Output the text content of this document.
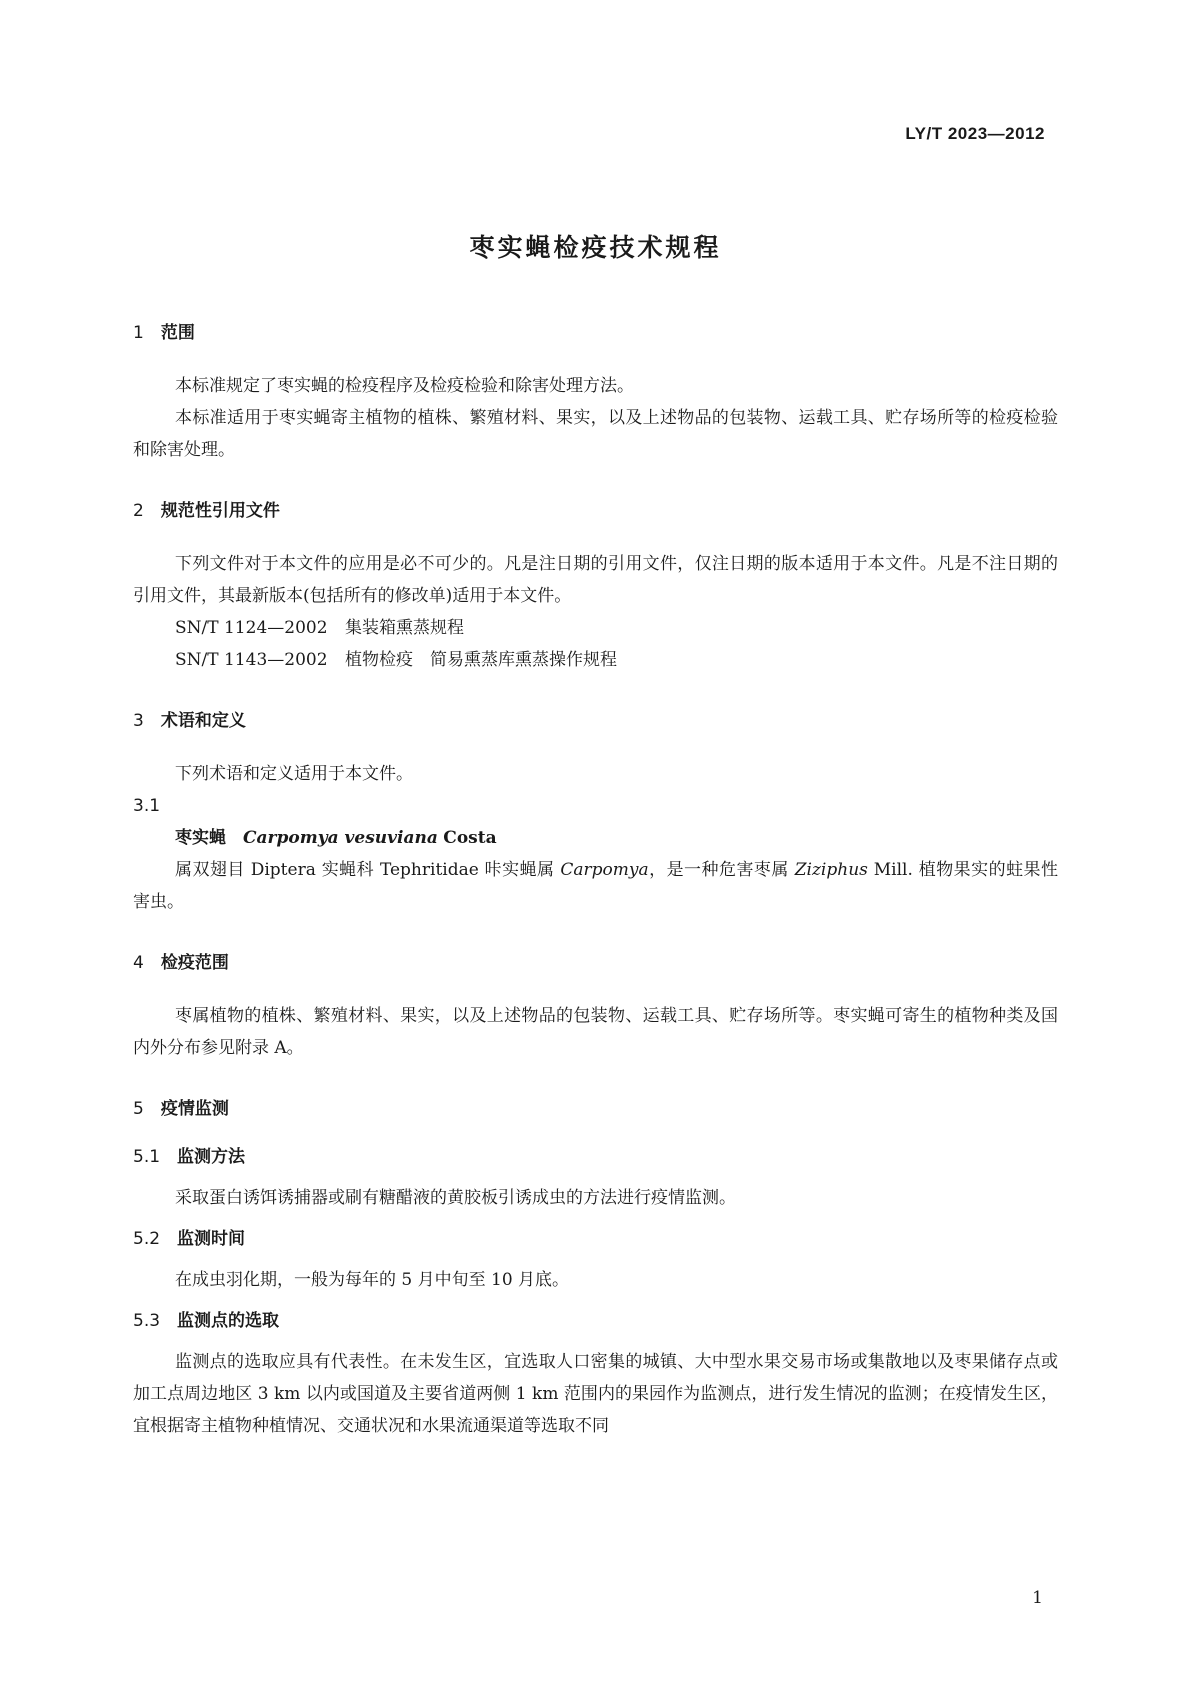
LY/T 2023—2012
枣实蝇检疫技术规程
1　 范围

本标准规定了枣实蝇的检疫程序及检疫检验和除害处理方法。

本标准适用于枣实蝇寄主植物的植株、繁殖材料、果实，以及上述物品的包装物、运载工具、贮存场所等的检疫检验和除害处理。

2　 规范性引用文件

下列文件对于本文件的应用是必不可少的。凡是注日期的引用文件，仅注日期的版本适用于本文件。凡是不注日期的引用文件，其最新版本(包括所有的修改单)适用于本文件。

SN/T 1124—2002 集装箱熏蒸规程
SN/T 1143—2002 植物检疫　简易熏蒸库熏蒸操作规程
3　 术语和定义

下列术语和定义适用于本文件。

3.1
枣实蝇　 Carpomya vesuviana Costa

属双翅目 Diptera 实蝇科 Tephritidae 咔实蝇属 Carpomya，是一种危害枣属 Ziziphus Mill. 植物果实的蛀果性害虫。

4　 检疫范围

枣属植物的植株、繁殖材料、果实，以及上述物品的包装物、运载工具、贮存场所等。枣实蝇可寄生的植物种类及国内外分布参见附录 A。

5　 疫情监测
5.1　 监测方法

采取蛋白诱饵诱捕器或刷有糖醋液的黄胶板引诱成虫的方法进行疫情监测。

5.2　 监测时间

在成虫羽化期，一般为每年的 5 月中旬至 10 月底。

5.3　 监测点的选取

监测点的选取应具有代表性。在未发生区，宜选取人口密集的城镇、大中型水果交易市场或集散地以及枣果储存点或加工点周边地区 3 km 以内或国道及主要省道两侧 1 km 范围内的果园作为监测点，进行发生情况的监测；在疫情发生区，宜根据寄主植物种植情况、交通状况和水果流通渠道等选取不同

1
